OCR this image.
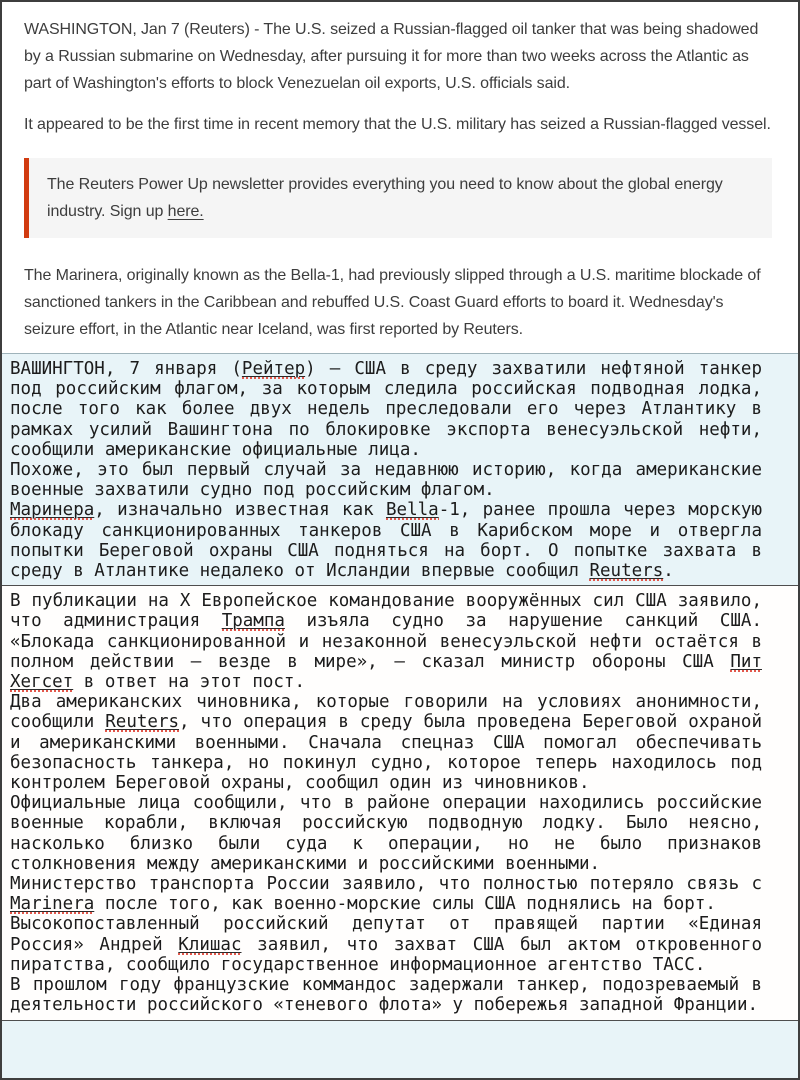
WASHINGTON, Jan 7 (Reuters) - The U.S. seized a Russian-flagged oil tanker that was being shadowed by a Russian submarine on Wednesday, after pursuing it for more than two weeks across the Atlantic as part of Washington's efforts to block Venezuelan oil exports, U.S. officials said.

It appeared to be the first time in recent memory that the U.S. military has seized a Russian-flagged vessel.

The Reuters Power Up newsletter provides everything you need to know about the global energy industry. Sign up here.

The Marinera, originally known as the Bella-1, had previously slipped through a U.S. maritime blockade of sanctioned tankers in the Caribbean and rebuffed U.S. Coast Guard efforts to board it. Wednesday's seizure effort, in the Atlantic near Iceland, was first reported by Reuters.

ВАШИНГТОН, 7 января (Рейтер) — США в среду захватили нефтяной танкер под российским флагом, за которым следила российская подводная лодка, после того как более двух недель преследовали его через Атлантику в рамках усилий Вашингтона по блокировке экспорта венесуэльской нефти, сообщили американские официальные лица.
Похоже, это был первый случай за недавнюю историю, когда американские военные захватили судно под российским флагом.
Маринера, изначально известная как Bella-1, ранее прошла через морскую блокаду санкционированных танкеров США в Карибском море и отвергла попытки Береговой охраны США подняться на борт. О попытке захвата в среду в Атлантике недалеко от Исландии впервые сообщил Reuters.
В публикации на X Европейское командование вооружённых сил США заявило, что администрация Трампа изъяла судно за нарушение санкций США. «Блокада санкционированной и незаконной венесуэльской нефти остаётся в полном действии — везде в мире», — сказал министр обороны США Пит Хегсет в ответ на этот пост.
Два американских чиновника, которые говорили на условиях анонимности, сообщили Reuters, что операция в среду была проведена Береговой охраной и американскими военными. Сначала спецназ США помогал обеспечивать безопасность танкера, но покинул судно, которое теперь находилось под контролем Береговой охраны, сообщил один из чиновников.
Официальные лица сообщили, что в районе операции находились российские военные корабли, включая российскую подводную лодку. Было неясно, насколько близко были суда к операции, но не было признаков столкновения между американскими и российскими военными.
Министерство транспорта России заявило, что полностью потеряло связь с Marinera после того, как военно-морские силы США поднялись на борт.
Высокопоставленный российский депутат от правящей партии «Единая Россия» Андрей Клишас заявил, что захват США был актом откровенного пиратства, сообщило государственное информационное агентство ТАСС.
В прошлом году французские коммандос задержали танкер, подозреваемый в деятельности российского «теневого флота» у побережья западной Франции.
